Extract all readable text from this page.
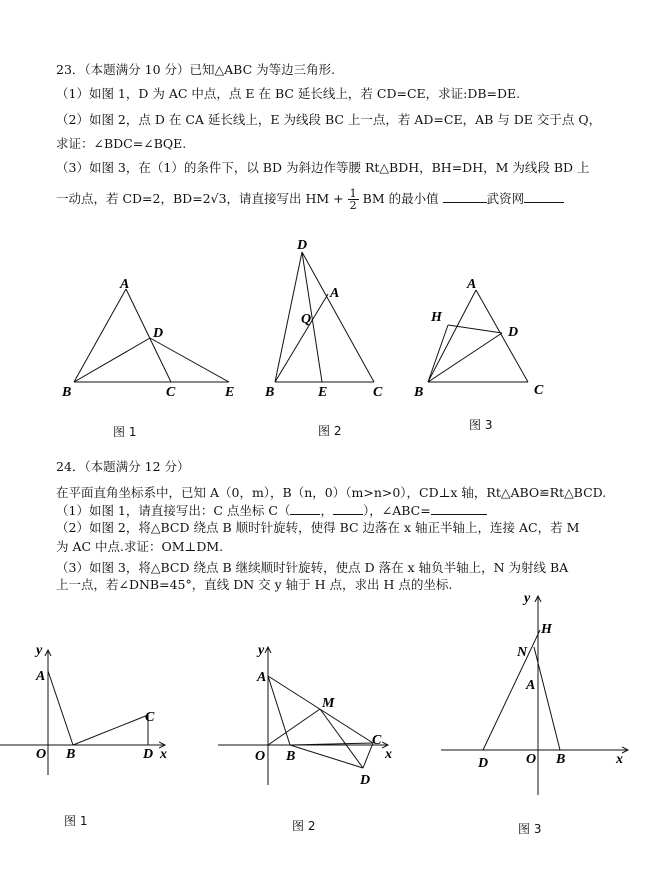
23．（本题满分 10 分）已知△ABC 为等边三角形.
（1）如图 1，D 为 AC 中点，点 E 在 BC 延长线上，若 CD=CE，求证:DB=DE.
（2）如图 2，点 D 在 CA 延长线上，E 为线段 BC 上一点，若 AD=CE，AB 与 DE 交于点 Q，
求证：∠BDC=∠BQE.
（3）如图 3，在（1）的条件下，以 BD 为斜边作等腰 Rt△BDH，BH=DH，M 为线段 BD 上
一动点，若 CD=2，BD=2√3，请直接写出 HM + $\frac{1}{2}$ BM 的最小值	武资网
A
B	C
D
E
D
A
Q
B	E	C
A
H
D
B	C
图 1	图 2	图 3
24．（本题满分 12 分）
在平面直角坐标系中，已知 A（0，m），B（n，0）（m>n>0），CD⊥x 轴，Rt△ABO≌Rt△BCD.
（1）如图 1，请直接写出：C 点坐标 C（ ， ），∠ABC=
（2）如图 2，将△BCD 绕点 B 顺时针旋转，使得 BC 边落在 x 轴正半轴上，连接 AC，若 M
为 AC 中点.求证：OM⊥DM.
（3）如图 3，将△BCD 绕点 B 继续顺时针旋转，使点 D 落在 x 轴负半轴上，N 为射线 BA
上一点，若∠DNB=45°，直线 DN 交 y 轴于 H 点，求出 H 点的坐标.
y
A
O B
C
D x
y
A
M
O B
C
D
x
y
H
N
A
D	O B	x
图 1	图 2	图 3
